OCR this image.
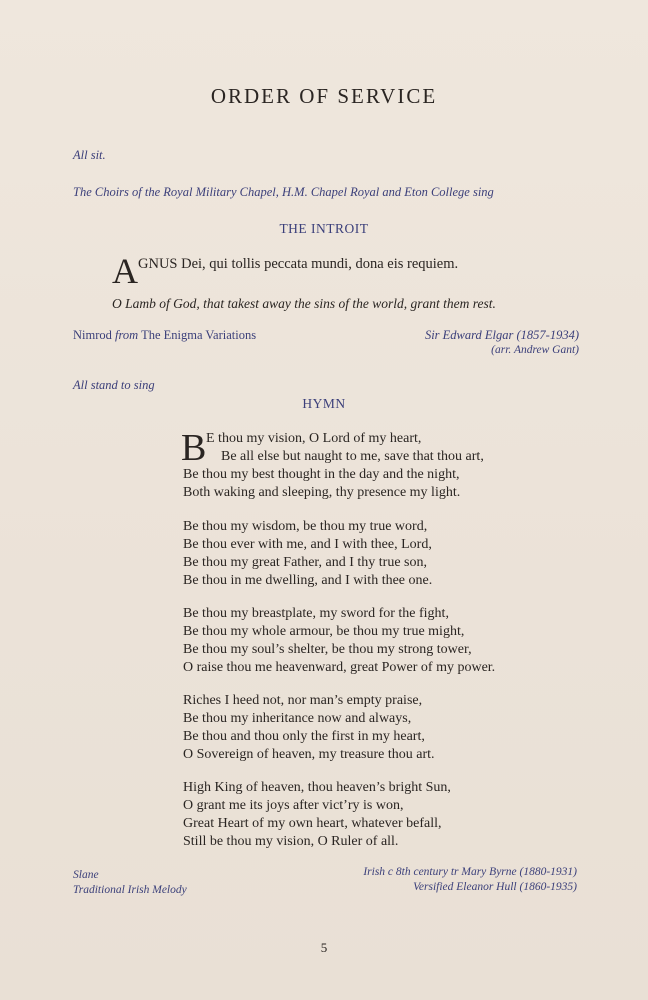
ORDER OF SERVICE
All sit.
The Choirs of the Royal Military Chapel, H.M. Chapel Royal and Eton College sing
THE INTROIT
AGNUS Dei, qui tollis peccata mundi, dona eis requiem.
O Lamb of God, that takest away the sins of the world, grant them rest.
Nimrod from The Enigma Variations	Sir Edward Elgar (1857-1934)
(arr. Andrew Gant)
All stand to sing
HYMN
B E thou my vision, O Lord of my heart,
Be all else but naught to me, save that thou art,
Be thou my best thought in the day and the night,
Both waking and sleeping, thy presence my light.
Be thou my wisdom, be thou my true word,
Be thou ever with me, and I with thee, Lord,
Be thou my great Father, and I thy true son,
Be thou in me dwelling, and I with thee one.
Be thou my breastplate, my sword for the fight,
Be thou my whole armour, be thou my true might,
Be thou my soul’s shelter, be thou my strong tower,
O raise thou me heavenward, great Power of my power.
Riches I heed not, nor man’s empty praise,
Be thou my inheritance now and always,
Be thou and thou only the first in my heart,
O Sovereign of heaven, my treasure thou art.
High King of heaven, thou heaven’s bright Sun,
O grant me its joys after vict’ry is won,
Great Heart of my own heart, whatever befall,
Still be thou my vision, O Ruler of all.
Slane
Traditional Irish Melody
Irish c 8th century tr Mary Byrne (1880-1931)
Versified Eleanor Hull (1860-1935)
5
